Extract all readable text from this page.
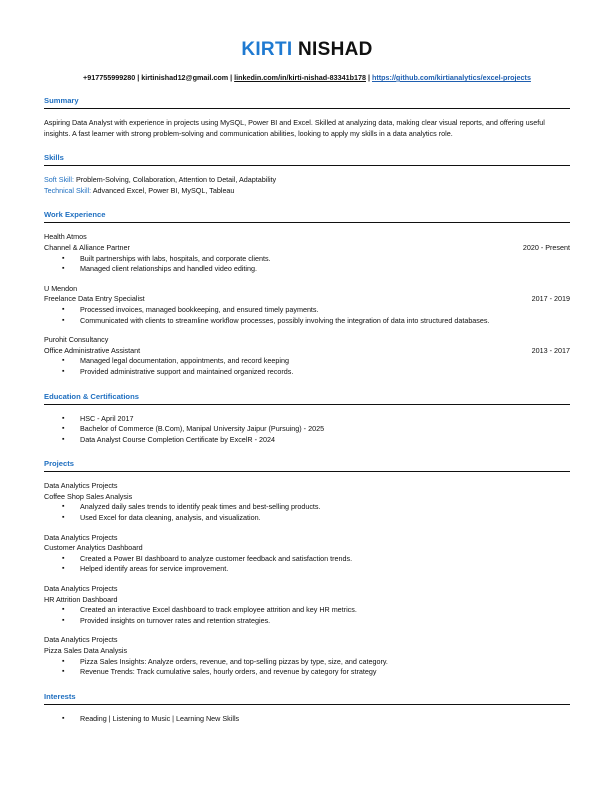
KIRTI NISHAD
+917755999280 | kirtinishad12@gmail.com | linkedin.com/in/kirti-nishad-83341b178 | https://github.com/kirtianalytics/excel-projects
Summary
Aspiring Data Analyst with experience in projects using MySQL, Power BI and Excel. Skilled at analyzing data, making clear visual reports, and offering useful insights. A fast learner with strong problem-solving and communication abilities, looking to apply my skills in a data analytics role.
Skills
Soft Skill: Problem-Solving, Collaboration, Attention to Detail, Adaptability
Technical Skill: Advanced Excel, Power BI, MySQL, Tableau
Work Experience
Health Atmos
Channel & Alliance Partner	2020 - Present
▪ Built partnerships with labs, hospitals, and corporate clients.
▪ Managed client relationships and handled video editing.
U Mendon
Freelance Data Entry Specialist	2017 - 2019
▪ Processed invoices, managed bookkeeping, and ensured timely payments.
▪ Communicated with clients to streamline workflow processes, possibly involving the integration of data into structured databases.
Purohit Consultancy
Office Administrative Assistant	2013 - 2017
▪ Managed legal documentation, appointments, and record keeping
▪ Provided administrative support and maintained organized records.
Education & Certifications
▪ HSC - April 2017
▪ Bachelor of Commerce (B.Com), Manipal University Jaipur (Pursuing) - 2025
▪ Data Analyst Course Completion Certificate by ExcelR - 2024
Projects
Data Analytics Projects
Coffee Shop Sales Analysis
▪ Analyzed daily sales trends to identify peak times and best-selling products.
▪ Used Excel for data cleaning, analysis, and visualization.
Data Analytics Projects
Customer Analytics Dashboard
▪ Created a Power BI dashboard to analyze customer feedback and satisfaction trends.
▪ Helped identify areas for service improvement.
Data Analytics Projects
HR Attrition Dashboard
▪ Created an interactive Excel dashboard to track employee attrition and key HR metrics.
▪ Provided insights on turnover rates and retention strategies.
Data Analytics Projects
Pizza Sales Data Analysis
▪ Pizza Sales Insights: Analyze orders, revenue, and top-selling pizzas by type, size, and category.
▪ Revenue Trends: Track cumulative sales, hourly orders, and revenue by category for strategy
Interests
▪ Reading | Listening to Music | Learning New Skills
